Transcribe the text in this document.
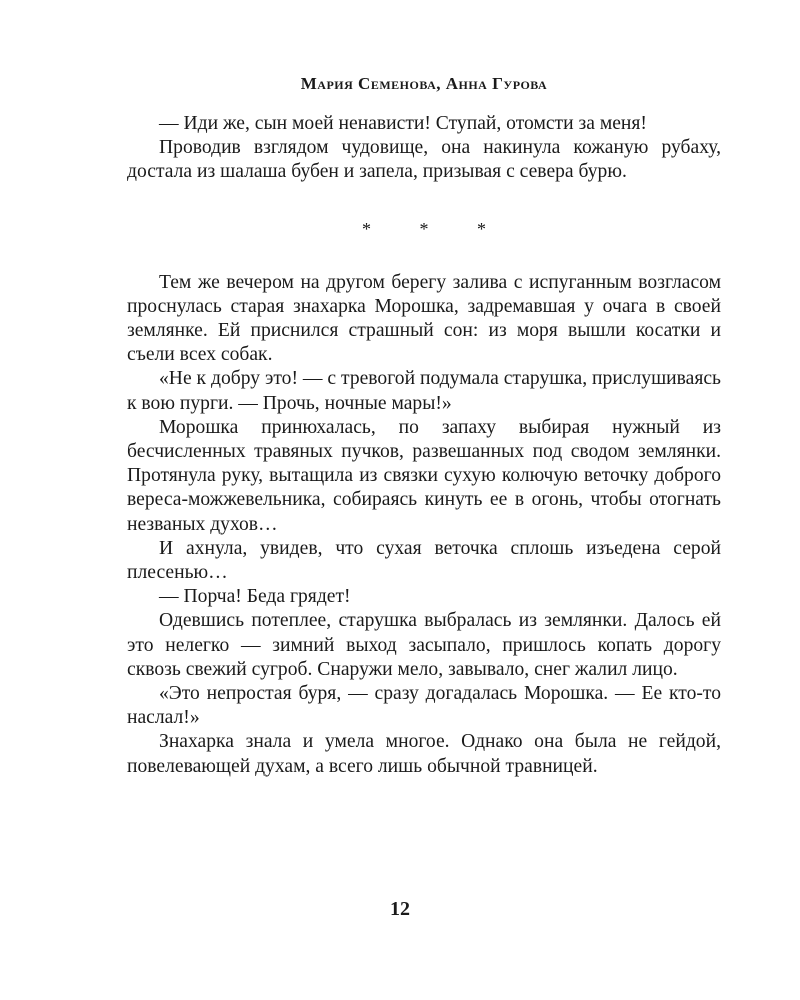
Мария Семенова, Анна Гурова

— Иди же, сын моей ненависти! Ступай, отомсти за меня!

Проводив взглядом чудовище, она накинула кожаную рубаху, достала из шалаша бубен и запела, призывая с севера бурю.

* * *

Тем же вечером на другом берегу залива с испуганным возгласом проснулась старая знахарка Морошка, задремавшая у очага в своей землянке. Ей приснился страшный сон: из моря вышли косатки и съели всех собак.

«Не к добру это! — с тревогой подумала старушка, прислушиваясь к вою пурги. — Прочь, ночные мары!»

Морошка принюхалась, по запаху выбирая нужный из бесчисленных травяных пучков, развешанных под сводом землянки. Протянула руку, вытащила из связки сухую колючую веточку доброго вереса-можжевельника, собираясь кинуть ее в огонь, чтобы отогнать незваных духов…

И ахнула, увидев, что сухая веточка сплошь изъедена серой плесенью…

— Порча! Беда грядет!

Одевшись потеплее, старушка выбралась из землянки. Далось ей это нелегко — зимний выход засыпало, пришлось копать дорогу сквозь свежий сугроб. Снаружи мело, завывало, снег жалил лицо.

«Это непростая буря, — сразу догадалась Морошка. — Ее кто-то наслал!»

Знахарка знала и умела многое. Однако она была не гейдой, повелевающей духам, а всего лишь обычной травницей.

12
